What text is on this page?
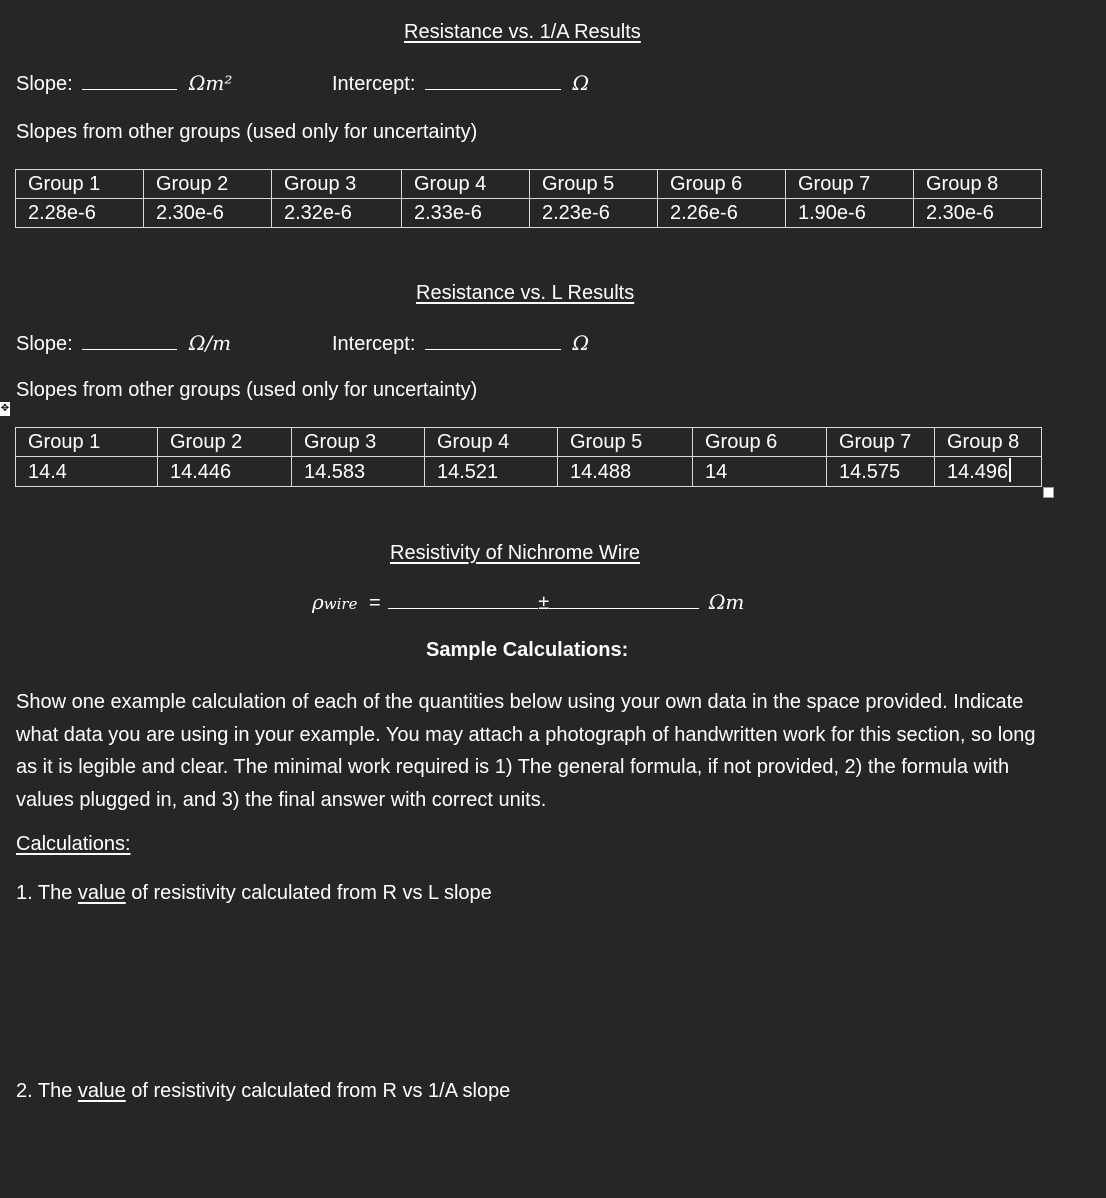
Resistance vs. 1/A Results
Slope:	Ωm²	Intercept:	Ω
Slopes from other groups (used only for uncertainty)
Group 1	Group 2	Group 3	Group 4	Group 5	Group 6	Group 7	Group 8
2.28e-6	2.30e-6	2.32e-6	2.33e-6	2.23e-6	2.26e-6	1.90e-6	2.30e-6
Resistance vs. L Results
Slope:	Ω/m	Intercept:	Ω
Slopes from other groups (used only for uncertainty)
✥
Group 1	Group 2	Group 3	Group 4	Group 5	Group 6	Group 7	Group 8
14.4	14.446	14.583	14.521	14.488	14	14.575	14.496
Resistivity of Nichrome Wire
ρwire =	±	Ωm
Sample Calculations:
Show one example calculation of each of the quantities below using your own data in the space provided. Indicate what data you are using in your example. You may attach a photograph of handwritten work for this section, so long as it is legible and clear. The minimal work required is 1) The general formula, if not provided, 2) the formula with values plugged in, and 3) the final answer with correct units.
Calculations:
1. The value of resistivity calculated from R vs L slope
2. The value of resistivity calculated from R vs 1/A slope
